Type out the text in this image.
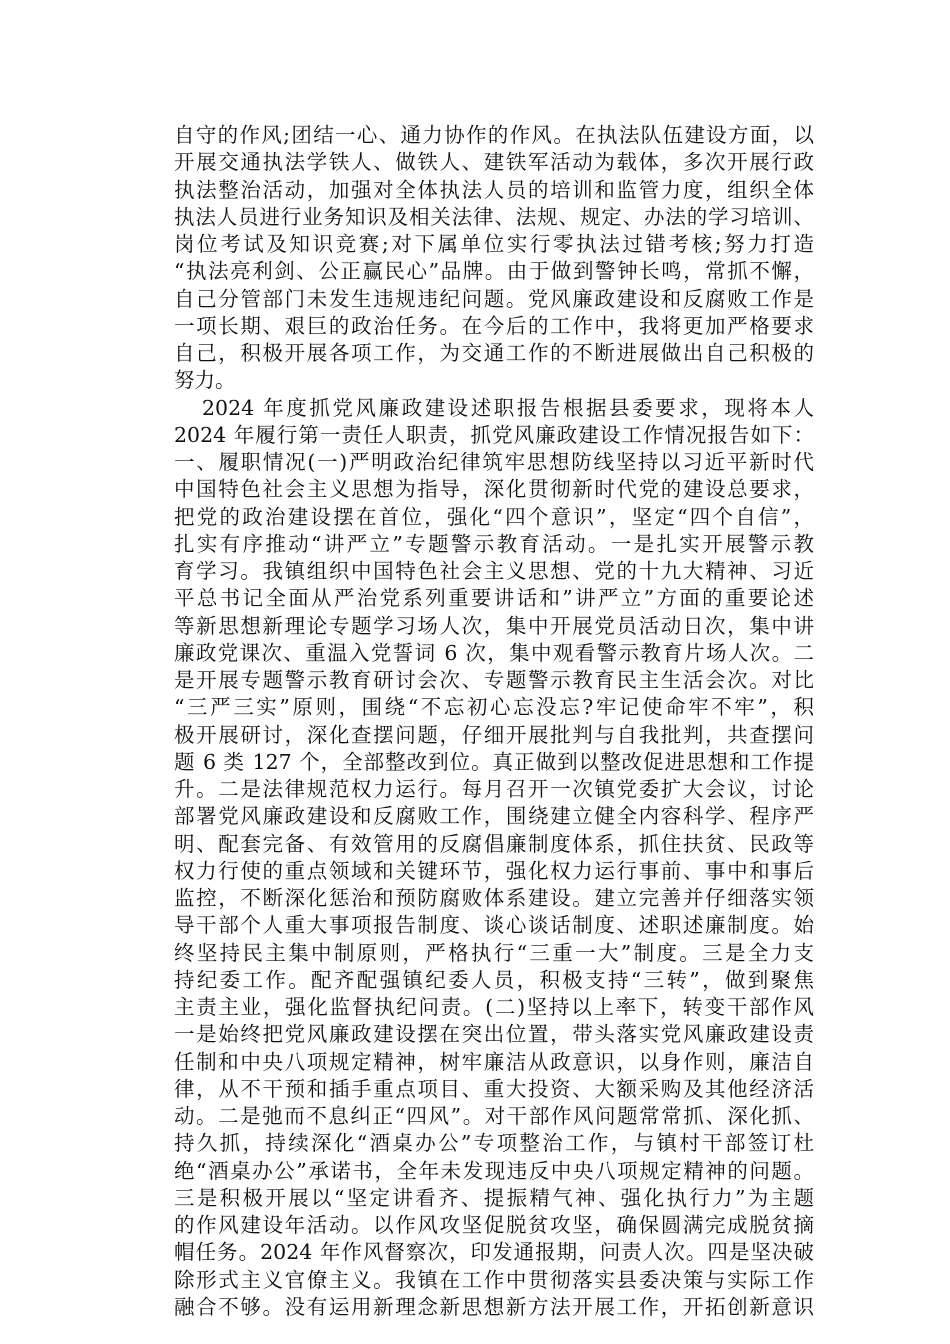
自守的作风;团结一心、通力协作的作风。在执法队伍建设方面，以
开展交通执法学铁人、做铁人、建铁军活动为载体，多次开展行政
执法整治活动，加强对全体执法人员的培训和监管力度，组织全体
执法人员进行业务知识及相关法律、法规、规定、办法的学习培训、
岗位考试及知识竞赛;对下属单位实行零执法过错考核;努力打造
“执法亮利剑、公正赢民心”品牌。由于做到警钟长鸣，常抓不懈，
自己分管部门未发生违规违纪问题。党风廉政建设和反腐败工作是
一项长期、艰巨的政治任务。在今后的工作中，我将更加严格要求
自己，积极开展各项工作，为交通工作的不断进展做出自己积极的
努力。
2024 年度抓党风廉政建设述职报告根据县委要求，现将本人
2024 年履行第一责任人职责，抓党风廉政建设工作情况报告如下：
一、履职情况(一)严明政治纪律筑牢思想防线坚持以习近平新时代
中国特色社会主义思想为指导，深化贯彻新时代党的建设总要求，
把党的政治建设摆在首位，强化“四个意识”，坚定“四个自信”，
扎实有序推动“讲严立”专题警示教育活动。一是扎实开展警示教
育学习。我镇组织中国特色社会主义思想、党的十九大精神、习近
平总书记全面从严治党系列重要讲话和”讲严立”方面的重要论述
等新思想新理论专题学习场人次，集中开展党员活动日次，集中讲
廉政党课次、重温入党誓词 6 次，集中观看警示教育片场人次。二
是开展专题警示教育研讨会次、专题警示教育民主生活会次。对比
“三严三实”原则，围绕“不忘初心忘没忘?牢记使命牢不牢”，积
极开展研讨，深化查摆问题，仔细开展批判与自我批判，共查摆问
题 6 类 127 个，全部整改到位。真正做到以整改促进思想和工作提
升。二是法律规范权力运行。每月召开一次镇党委扩大会议，讨论
部署党风廉政建设和反腐败工作，围绕建立健全内容科学、程序严
明、配套完备、有效管用的反腐倡廉制度体系，抓住扶贫、民政等
权力行使的重点领域和关键环节，强化权力运行事前、事中和事后
监控，不断深化惩治和预防腐败体系建设。建立完善并仔细落实领
导干部个人重大事项报告制度、谈心谈话制度、述职述廉制度。始
终坚持民主集中制原则，严格执行“三重一大”制度。三是全力支
持纪委工作。配齐配强镇纪委人员，积极支持“三转”，做到聚焦
主责主业，强化监督执纪问责。(二)坚持以上率下，转变干部作风
一是始终把党风廉政建设摆在突出位置，带头落实党风廉政建设责
任制和中央八项规定精神，树牢廉洁从政意识，以身作则，廉洁自
律，从不干预和插手重点项目、重大投资、大额采购及其他经济活
动。二是弛而不息纠正“四风”。对干部作风问题常常抓、深化抓、
持久抓，持续深化“酒桌办公”专项整治工作，与镇村干部签订杜
绝“酒桌办公”承诺书，全年未发现违反中央八项规定精神的问题。
三是积极开展以“坚定讲看齐、提振精气神、强化执行力”为主题
的作风建设年活动。以作风攻坚促脱贫攻坚，确保圆满完成脱贫摘
帽任务。2024 年作风督察次，印发通报期，问责人次。四是坚决破
除形式主义官僚主义。我镇在工作中贯彻落实县委决策与实际工作
融合不够。没有运用新理念新思想新方法开展工作，开拓创新意识
